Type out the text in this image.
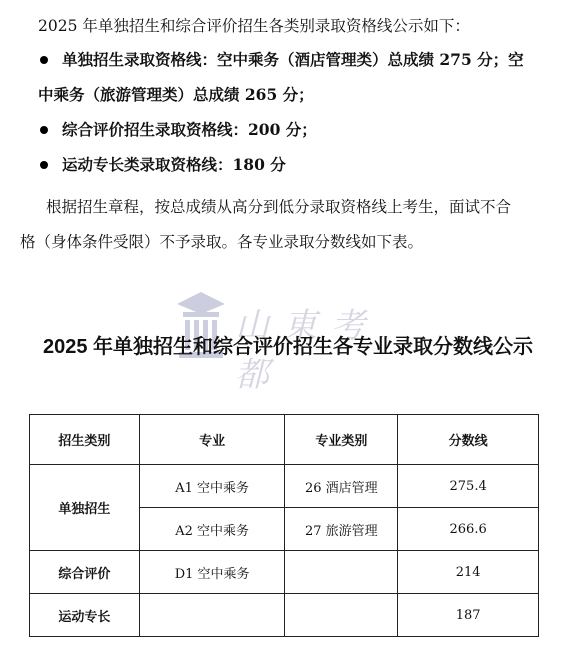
2025 年单独招生和综合评价招生各类别录取资格线公示如下：
单独招生录取资格线：空中乘务（酒店管理类）总成绩 275 分；空
中乘务（旅游管理类）总成绩 265 分；
综合评价招生录取资格线：200 分；
运动专长类录取资格线：180 分
根据招生章程，按总成绩从高分到低分录取资格线上考生，面试不合
格（身体条件受限）不予录取。各专业录取分数线如下表。
山東考都
2025 年单独招生和综合评价招生各专业录取分数线公示
招生类别	专业	专业类别	分数线
单独招生	A1 空中乘务	26 酒店管理	275.4
	A2 空中乘务	27 旅游管理	266.6
综合评价	D1 空中乘务		214
运动专长			187
